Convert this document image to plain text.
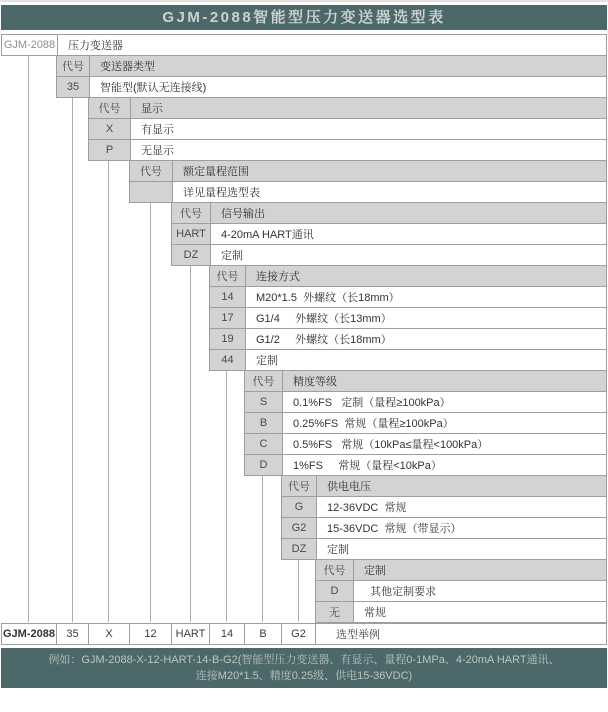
GJM-2088智能型压力变送器选型表
GJM-2088	压力变送器
代号	变送器类型
35	智能型(默认无连接线)
代号	显示
X	有显示
P	无显示
代号	额定量程范围
详见量程选型表
代号	信号输出
HART	4-20mA HART通讯
DZ	定制
代号	连接方式
14	M20*1.5  外螺纹（长18mm）
17	G1/4     外螺纹（长13mm）
19	G1/2     外螺纹（长18mm）
44	定制
代号	精度等级
S	0.1%FS   定制（量程≥100kPa）
B	0.25%FS  常规（量程≥100kPa）
C	0.5%FS   常规（10kPa≤量程<100kPa）
D	1%FS     常规（量程<10kPa）
代号	供电电压
G	12-36VDC  常规
G2	15-36VDC  常规（带显示）
DZ	定制
代号	定制
D	其他定制要求
无	常规
GJM-2088	35	X	12	HART	14	B	G2	选型举例
例如：GJM-2088-X-12-HART-14-B-G2(智能型压力变送器、有显示、量程0-1MPa、4-20mA HART通讯、
连接M20*1.5、精度0.25级、供电15-36VDC)
